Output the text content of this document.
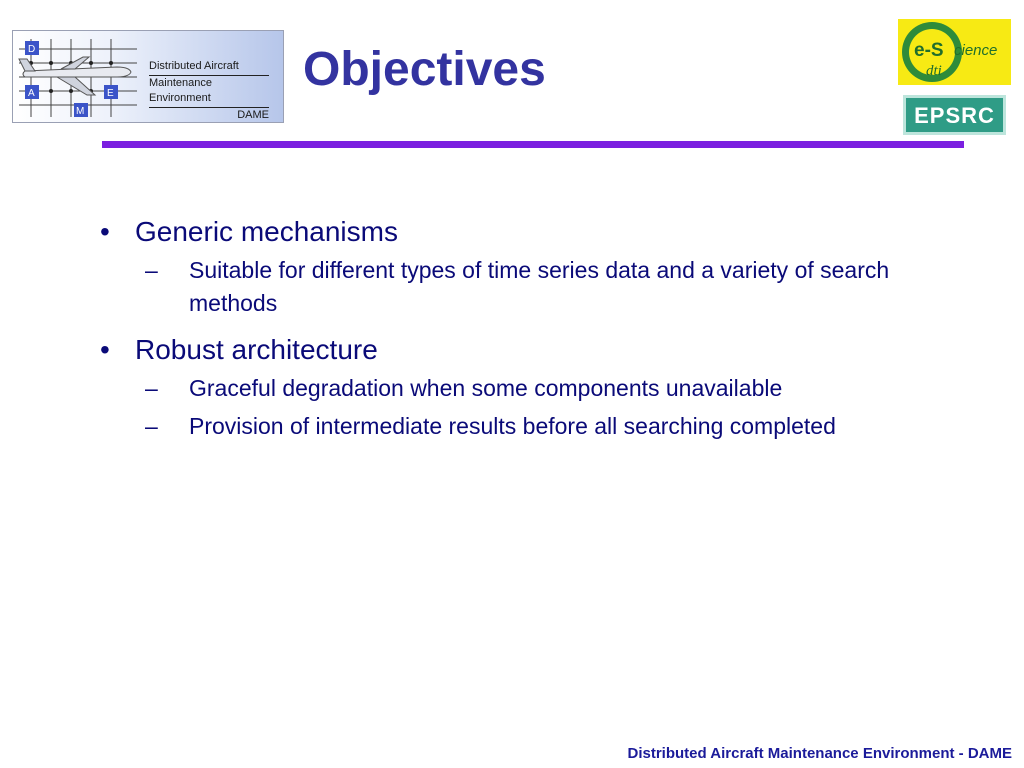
D
A	E
M
Distributed Aircraft
Maintenance Environment
DAME
Objectives	e-S cience
dti
EPSRC
• Generic mechanisms
– Suitable for different types of time series data and a variety of search methods
• Robust architecture
– Graceful degradation when some components unavailable
– Provision of intermediate results before all searching completed
Distributed Aircraft Maintenance Environment - DAME
